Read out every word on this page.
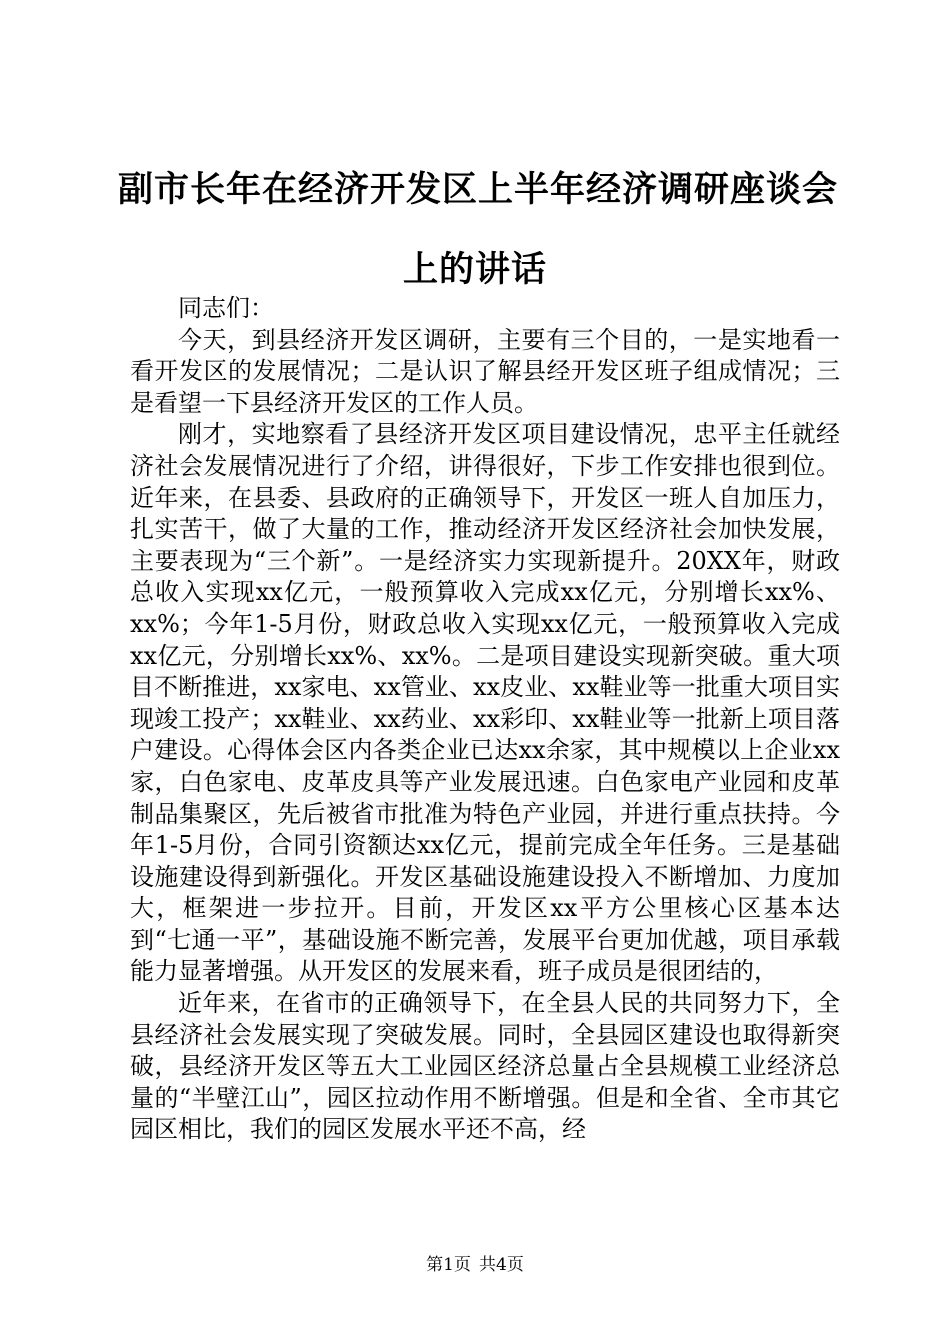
副市长年在经济开发区上半年经济调研座谈会
上的讲话

同志们：

今天，到县经济开发区调研，主要有三个目的，一是实地看一看开发区的发展情况；二是认识了解县经开发区班子组成情况；三是看望一下县经济开发区的工作人员。

刚才，实地察看了县经济开发区项目建设情况，忠平主任就经济社会发展情况进行了介绍，讲得很好，下步工作安排也很到位。近年来，在县委、县政府的正确领导下，开发区一班人自加压力，扎实苦干，做了大量的工作，推动经济开发区经济社会加快发展，主要表现为“三个新”。一是经济实力实现新提升。20XX年，财政总收入实现xx亿元，一般预算收入完成xx亿元，分别增长xx%、xx%；今年1-5月份，财政总收入实现xx亿元，一般预算收入完成xx亿元，分别增长xx%、xx%。二是项目建设实现新突破。重大项目不断推进，xx家电、xx管业、xx皮业、xx鞋业等一批重大项目实现竣工投产；xx鞋业、xx药业、xx彩印、xx鞋业等一批新上项目落户建设。心得体会区内各类企业已达xx余家，其中规模以上企业xx家，白色家电、皮革皮具等产业发展迅速。白色家电产业园和皮革制品集聚区，先后被省市批准为特色产业园，并进行重点扶持。今年1-5月份，合同引资额达xx亿元，提前完成全年任务。三是基础设施建设得到新强化。开发区基础设施建设投入不断增加、力度加大，框架进一步拉开。目前，开发区xx平方公里核心区基本达到“七通一平”，基础设施不断完善，发展平台更加优越，项目承载能力显著增强。从开发区的发展来看，班子成员是很团结的，

近年来，在省市的正确领导下，在全县人民的共同努力下，全县经济社会发展实现了突破发展。同时，全县园区建设也取得新突破，县经济开发区等五大工业园区经济总量占全县规模工业经济总量的“半壁江山”，园区拉动作用不断增强。但是和全省、全市其它园区相比，我们的园区发展水平还不高，经

第1页 共4页
